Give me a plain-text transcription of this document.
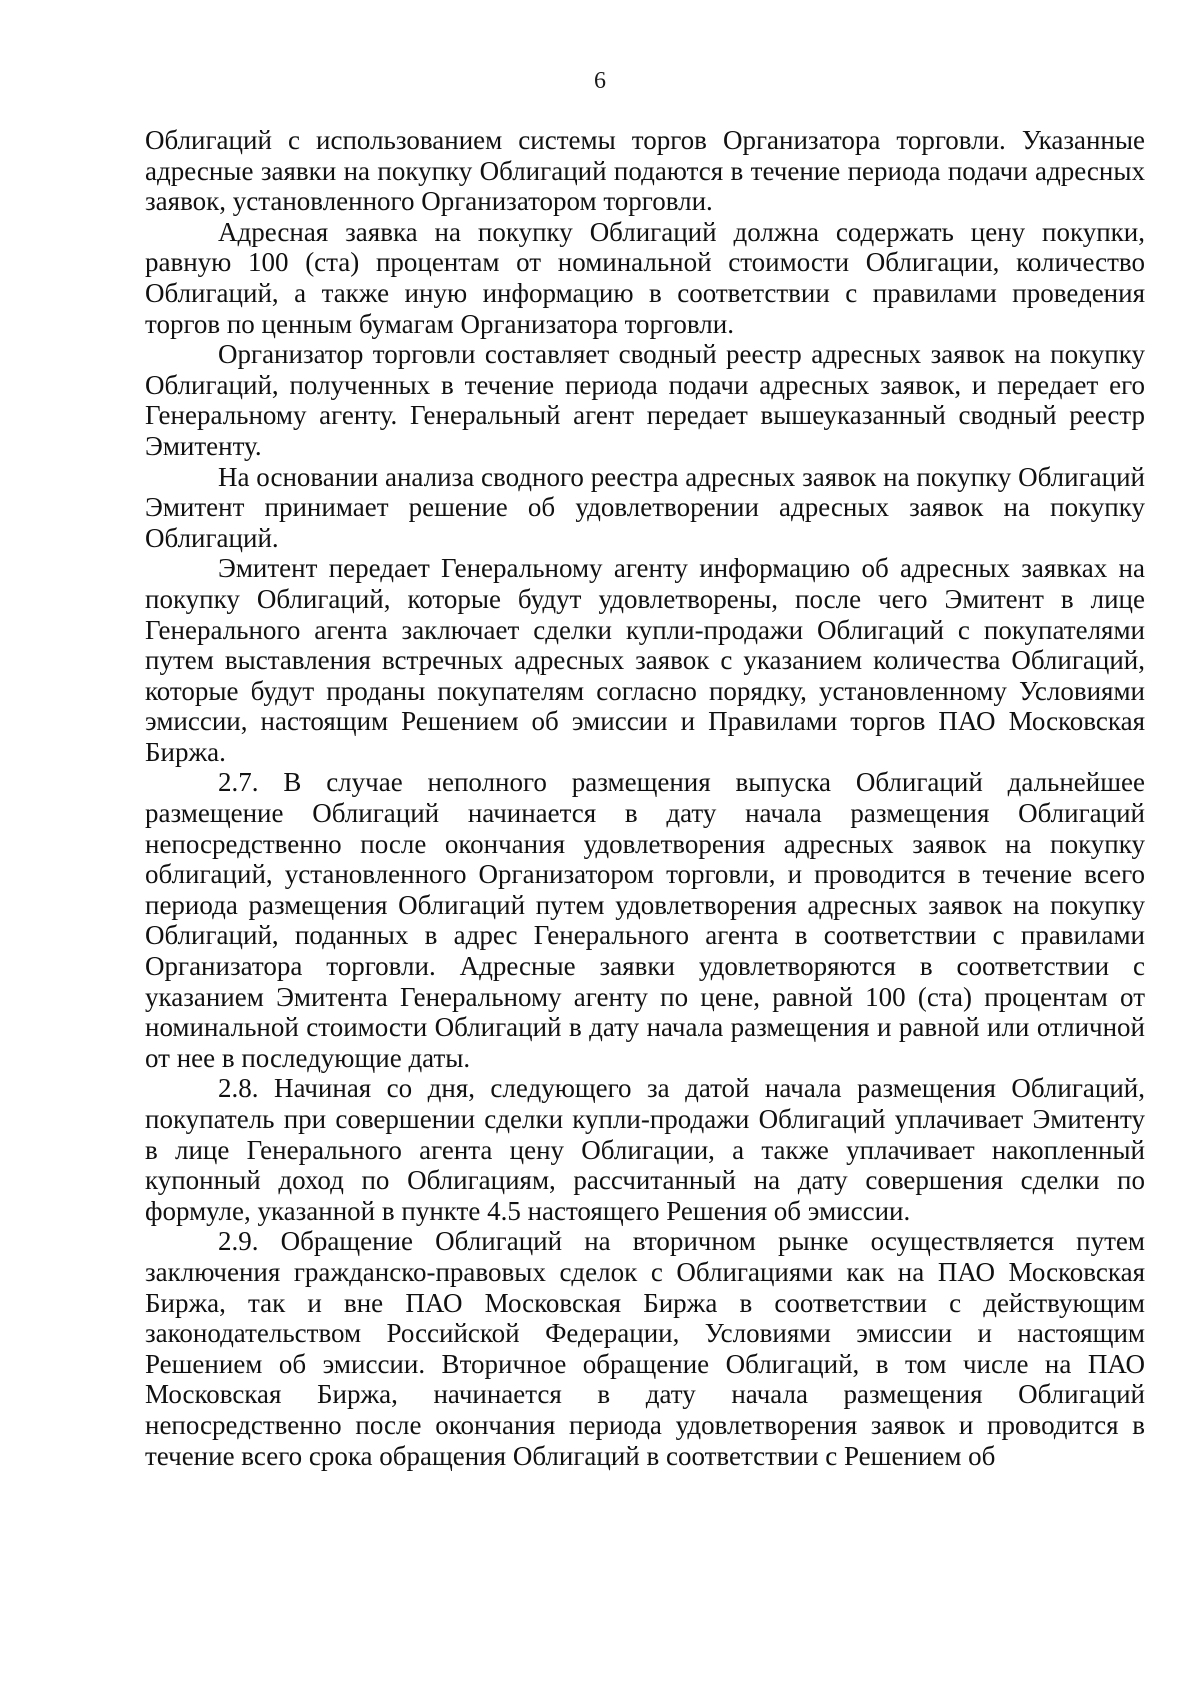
6

Облигаций с использованием системы торгов Организатора торговли. Указанные адресные заявки на покупку Облигаций подаются в течение периода подачи адресных заявок, установленного Организатором торговли.

Адресная заявка на покупку Облигаций должна содержать цену покупки, равную 100 (ста) процентам от номинальной стоимости Облигации, количество Облигаций, а также иную информацию в соответствии с правилами проведения торгов по ценным бумагам Организатора торговли.

Организатор торговли составляет сводный реестр адресных заявок на покупку Облигаций, полученных в течение периода подачи адресных заявок, и передает его Генеральному агенту. Генеральный агент передает вышеуказанный сводный реестр Эмитенту.

На основании анализа сводного реестра адресных заявок на покупку Облигаций Эмитент принимает решение об удовлетворении адресных заявок на покупку Облигаций.

Эмитент передает Генеральному агенту информацию об адресных заявках на покупку Облигаций, которые будут удовлетворены, после чего Эмитент в лице Генерального агента заключает сделки купли-продажи Облигаций с покупателями путем выставления встречных адресных заявок с указанием количества Облигаций, которые будут проданы покупателям согласно порядку, установленному Условиями эмиссии, настоящим Решением об эмиссии и Правилами торгов ПАО Московская Биржа.

2.7. В случае неполного размещения выпуска Облигаций дальнейшее размещение Облигаций начинается в дату начала размещения Облигаций непосредственно после окончания удовлетворения адресных заявок на покупку облигаций, установленного Организатором торговли, и проводится в течение всего периода размещения Облигаций путем удовлетворения адресных заявок на покупку Облигаций, поданных в адрес Генерального агента в соответствии с правилами Организатора торговли. Адресные заявки удовлетворяются в соответствии с указанием Эмитента Генеральному агенту по цене, равной 100 (ста) процентам от номинальной стоимости Облигаций в дату начала размещения и равной или отличной от нее в последующие даты.

2.8. Начиная со дня, следующего за датой начала размещения Облигаций, покупатель при совершении сделки купли-продажи Облигаций уплачивает Эмитенту в лице Генерального агента цену Облигации, а также уплачивает накопленный купонный доход по Облигациям, рассчитанный на дату совершения сделки по формуле, указанной в пункте 4.5 настоящего Решения об эмиссии.

2.9. Обращение Облигаций на вторичном рынке осуществляется путем заключения гражданско-правовых сделок с Облигациями как на ПАО Московская Биржа, так и вне ПАО Московская Биржа в соответствии с действующим законодательством Российской Федерации, Условиями эмиссии и настоящим Решением об эмиссии. Вторичное обращение Облигаций, в том числе на ПАО Московская Биржа, начинается в дату начала размещения Облигаций непосредственно после окончания периода удовлетворения заявок и проводится в течение всего срока обращения Облигаций в соответствии с Решением об
